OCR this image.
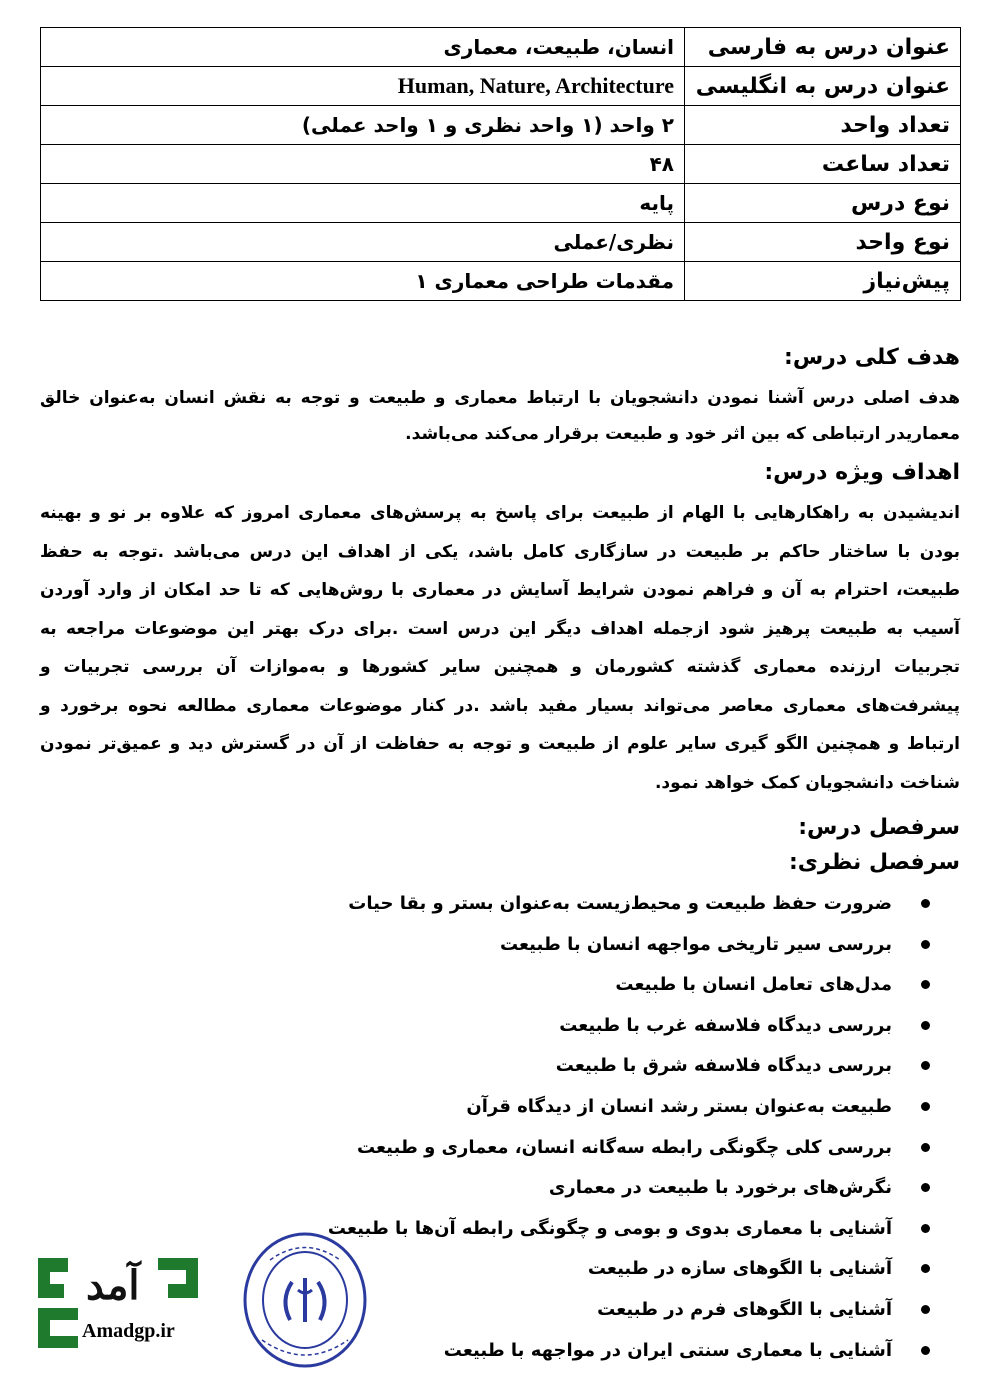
عنوان درس به فارسی	انسان، طبیعت، معماری
عنوان درس به انگلیسی	Human, Nature, Architecture
تعداد واحد	۲ واحد (۱ واحد نظری و ۱ واحد عملی)
تعداد ساعت	۴۸
نوع درس	پایه
نوع واحد	نظری/عملی
پیش‌نیاز	مقدمات طراحی معماری ۱
هدف کلی درس:
هدف اصلی درس آشنا نمودن دانشجویان با ارتباط معماری و طبیعت و توجه به نقش انسان به‌عنوان خالق معماریدر ارتباطی که بین اثر خود و طبیعت برقرار می‌کند می‌باشد.
اهداف ویژه درس:
اندیشیدن به راهکارهایی با الهام از طبیعت برای پاسخ به پرسش‌های معماری امروز که علاوه بر نو و بهینه بودن با ساختار حاکم بر طبیعت در سازگاری کامل باشد، یکی از اهداف این درس می‌باشد .توجه به حفظ طبیعت، احترام به آن و فراهم نمودن شرایط آسایش در معماری با روش‌هایی که تا حد امکان از وارد آوردن آسیب به طبیعت پرهیز شود ازجمله اهداف دیگر این درس است .برای درک بهتر این موضوعات مراجعه به تجربیات ارزنده معماری گذشته کشورمان و همچنین سایر کشورها و به‌موازات آن بررسی تجربیات و پیشرفت‌های معماری معاصر می‌تواند بسیار مفید باشد .در کنار موضوعات معماری مطالعه نحوه برخورد و ارتباط و همچنین الگو گیری سایر علوم از طبیعت و توجه به حفاظت از آن در گسترش دید و عمیق‌تر نمودن شناخت دانشجویان کمک خواهد نمود.
سرفصل درس:
سرفصل نظری:
ضرورت حفظ طبیعت و محیط‌زیست به‌عنوان بستر و بقا حیات
بررسی سیر تاریخی مواجهه انسان با طبیعت
مدل‌های تعامل انسان با طبیعت
بررسی دیدگاه فلاسفه غرب با طبیعت
بررسی دیدگاه فلاسفه شرق با طبیعت
طبیعت به‌عنوان بستر رشد انسان از دیدگاه قرآن
بررسی کلی چگونگی رابطه سه‌گانه انسان، معماری و طبیعت
نگرش‌های برخورد با طبیعت در معماری
آشنایی با معماری بدوی و بومی و چگونگی رابطه آن‌ها با طبیعت
آشنایی با الگوهای سازه در طبیعت
آشنایی با الگوهای فرم در طبیعت
آشنایی با معماری سنتی ایران در مواجهه با طبیعت
آمد
Amadgp.ir
